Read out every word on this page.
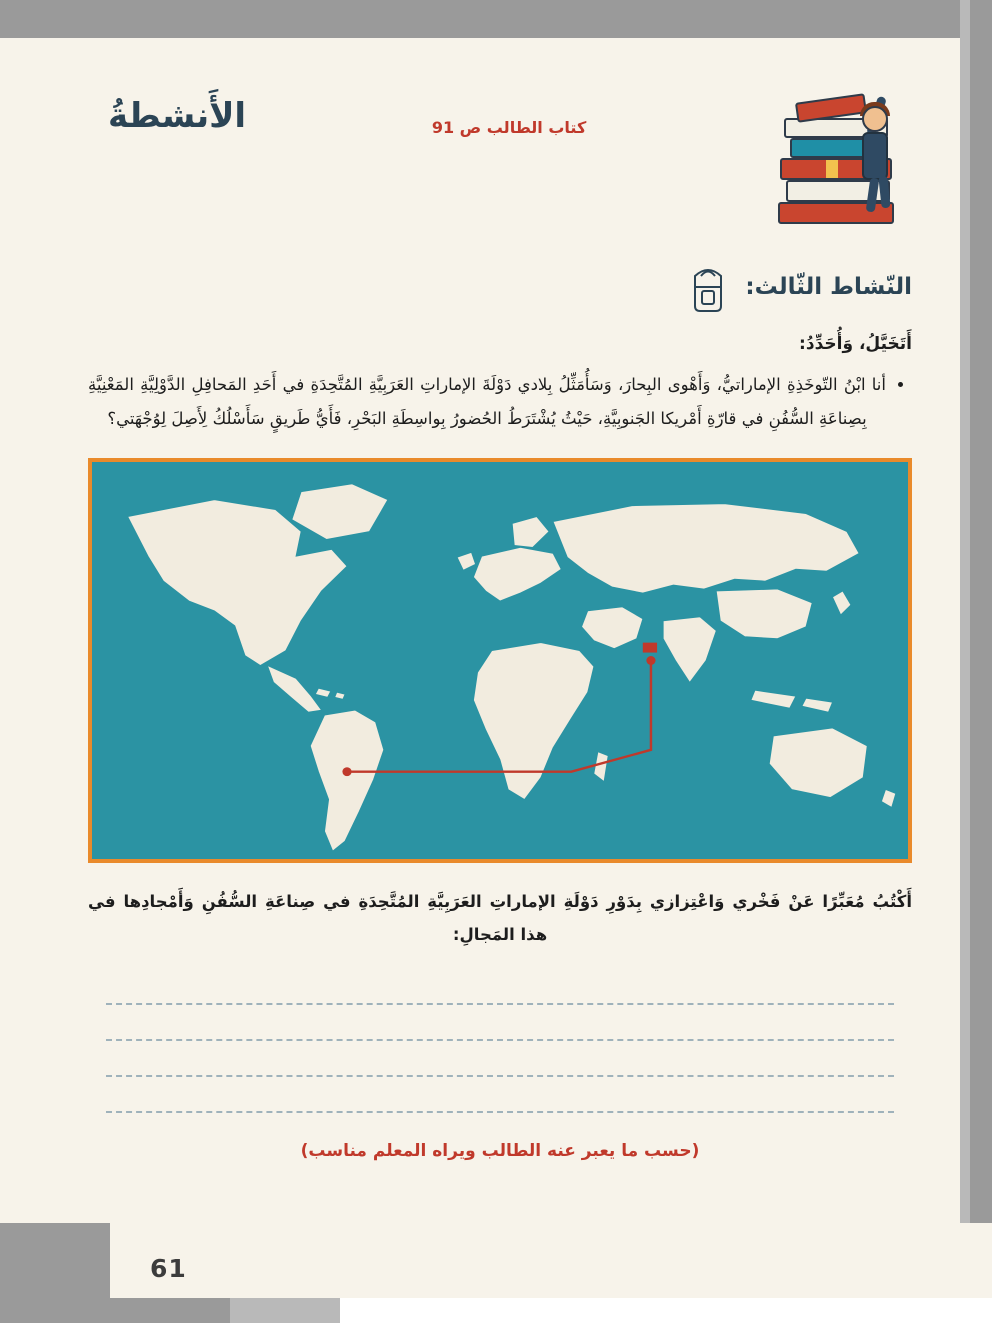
كتاب الطالب ص 91
الأَنشطةُ
النّشاط الثّالث:
أَتَخَيَّلُ، وَأُحَدِّدُ:
• أنا ابْنُ التّوخَذِةِ الإماراتيُّ، وَأَهْوى البِحارَ، وَسَأُمَثِّلُ بِلادي دَوْلَةَ الإماراتِ العَرَبِيَّةِ المُتَّحِدَةِ في أَحَدِ المَحافِلِ الدَّوْلِيَّةِ المَعْنِيَّةِ بِصِناعَةِ السُّفُنِ في قارّةِ أَمْريكا الجَنوبِيَّةِ، حَيْثُ يُشْتَرَطُ الحُضورُ بِواسِطَةِ البَحْرِ، فَأَيُّ طَريقٍ سَأَسْلُكُ لِأَصِلَ لِوُجْهَتي؟
أَكْتُبُ مُعَبِّرًا عَنْ فَخْري وَاعْتِزازي بِدَوْرِ دَوْلَةِ الإماراتِ العَرَبِيَّةِ المُتَّحِدَةِ في صِناعَةِ السُّفُنِ وَأَمْجادِها في هذا المَجالِ:
(حسب ما يعبر عنه الطالب ويراه المعلم مناسب)
61
